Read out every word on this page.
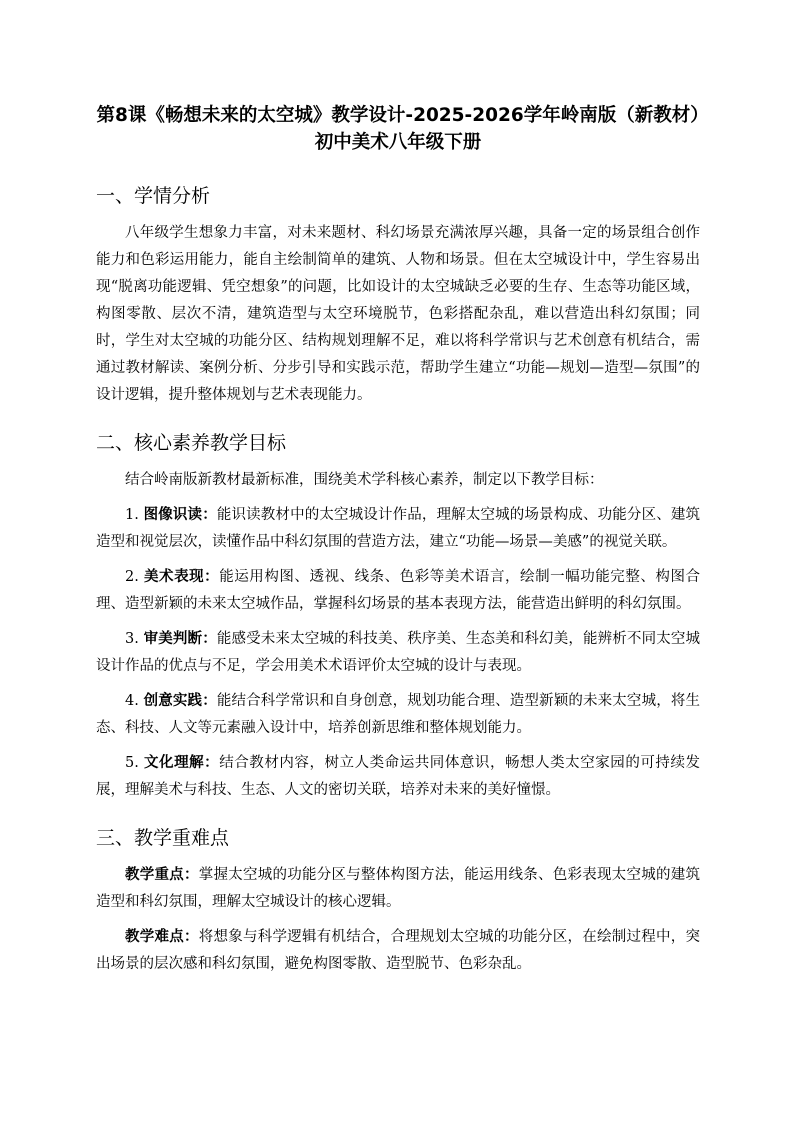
第8课《畅想未来的太空城》教学设计-2025-2026学年岭南版（新教材）初中美术八年级下册
一、学情分析

八年级学生想象力丰富，对未来题材、科幻场景充满浓厚兴趣，具备一定的场景组合创作能力和色彩运用能力，能自主绘制简单的建筑、人物和场景。但在太空城设计中，学生容易出现“脱离功能逻辑、凭空想象”的问题，比如设计的太空城缺乏必要的生存、生态等功能区域，构图零散、层次不清，建筑造型与太空环境脱节，色彩搭配杂乱，难以营造出科幻氛围；同时，学生对太空城的功能分区、结构规划理解不足，难以将科学常识与艺术创意有机结合，需通过教材解读、案例分析、分步引导和实践示范，帮助学生建立“功能—规划—造型—氛围”的设计逻辑，提升整体规划与艺术表现能力。

二、核心素养教学目标

结合岭南版新教材最新标准，围绕美术学科核心素养，制定以下教学目标：

1. 图像识读：能识读教材中的太空城设计作品，理解太空城的场景构成、功能分区、建筑造型和视觉层次，读懂作品中科幻氛围的营造方法，建立“功能—场景—美感”的视觉关联。

2. 美术表现：能运用构图、透视、线条、色彩等美术语言，绘制一幅功能完整、构图合理、造型新颖的未来太空城作品，掌握科幻场景的基本表现方法，能营造出鲜明的科幻氛围。

3. 审美判断：能感受未来太空城的科技美、秩序美、生态美和科幻美，能辨析不同太空城设计作品的优点与不足，学会用美术术语评价太空城的设计与表现。

4. 创意实践：能结合科学常识和自身创意，规划功能合理、造型新颖的未来太空城，将生态、科技、人文等元素融入设计中，培养创新思维和整体规划能力。

5. 文化理解：结合教材内容，树立人类命运共同体意识，畅想人类太空家园的可持续发展，理解美术与科技、生态、人文的密切关联，培养对未来的美好憧憬。

三、教学重难点

教学重点：掌握太空城的功能分区与整体构图方法，能运用线条、色彩表现太空城的建筑造型和科幻氛围，理解太空城设计的核心逻辑。

教学难点：将想象与科学逻辑有机结合，合理规划太空城的功能分区，在绘制过程中，突出场景的层次感和科幻氛围，避免构图零散、造型脱节、色彩杂乱。
